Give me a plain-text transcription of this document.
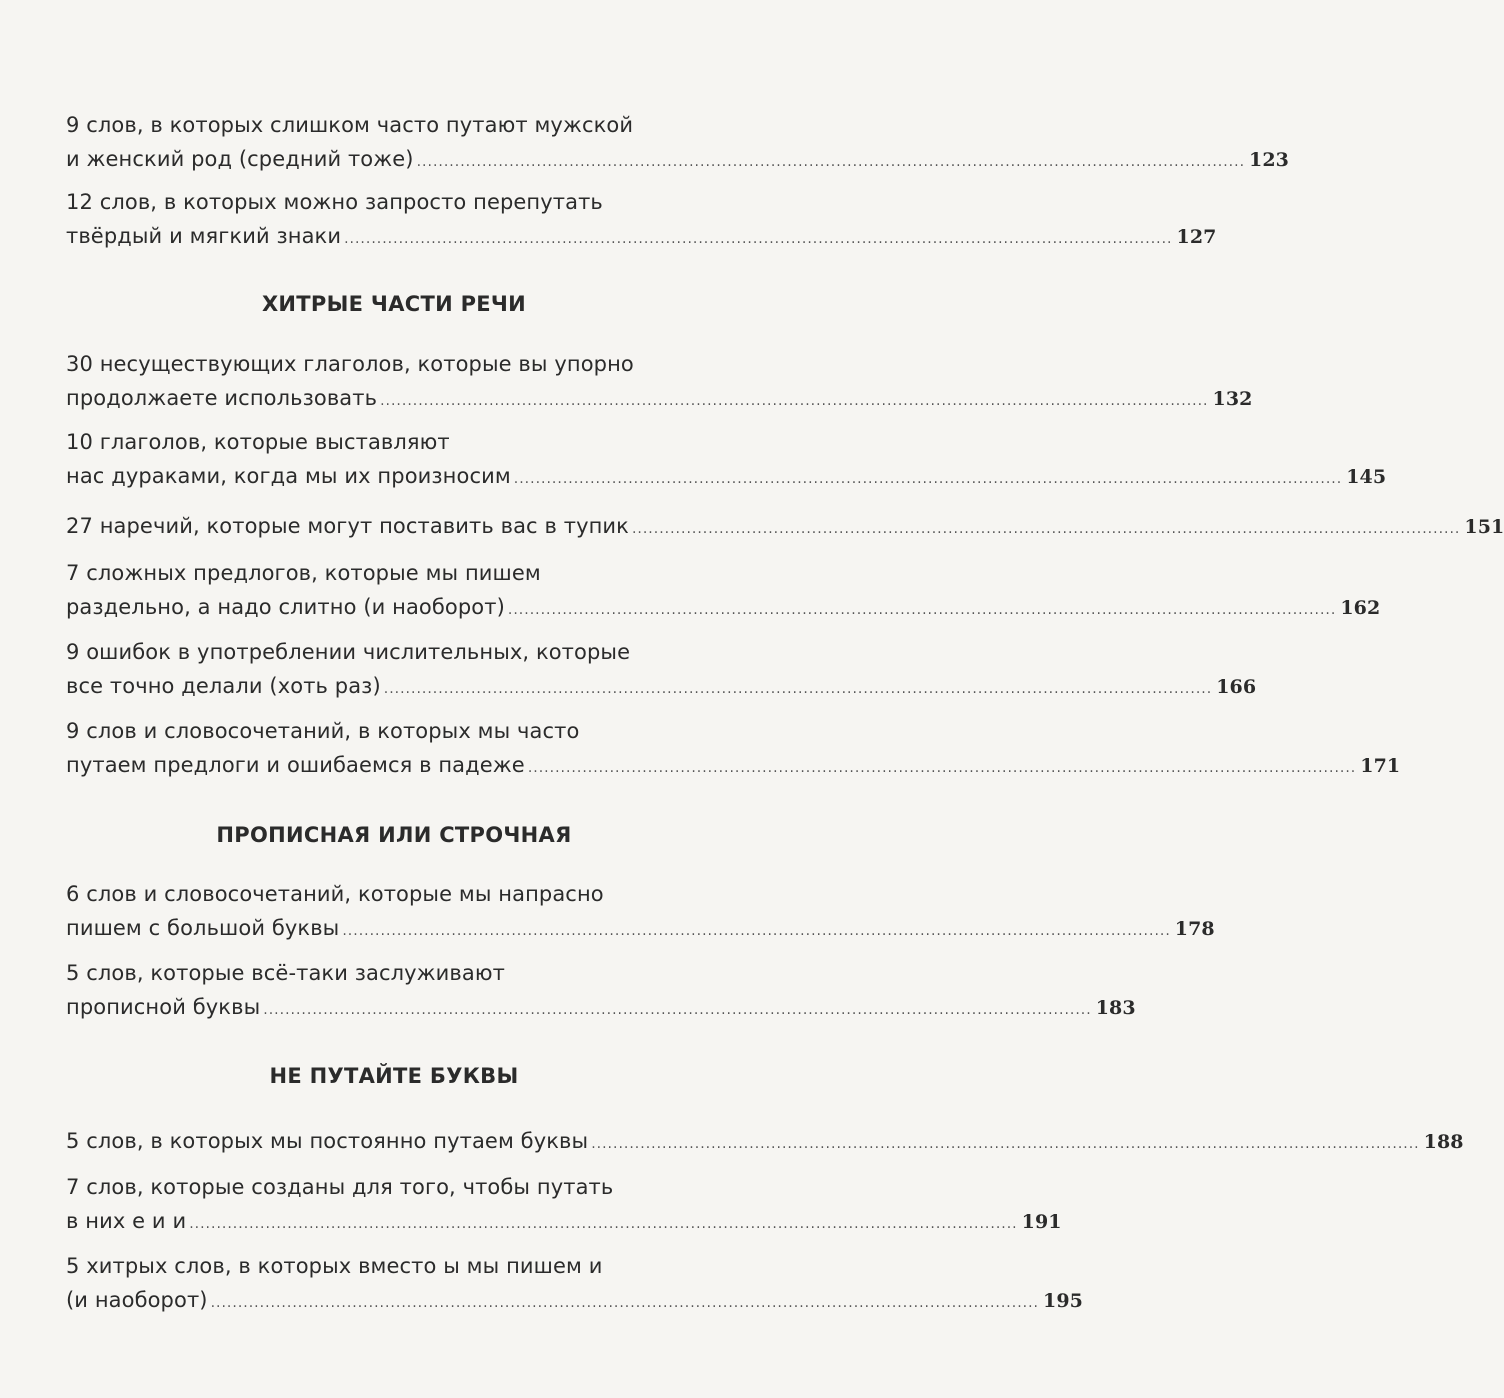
9 слов, в которых слишком часто путают мужской
и женский род (средний тоже) ........................................................................................................................................................ 123
12 слов, в которых можно запросто перепутать
твёрдый и мягкий знаки ........................................................................................................................................................ 127
ХИТРЫЕ ЧАСТИ РЕЧИ
30 несуществующих глаголов, которые вы упорно
продолжаете использовать ........................................................................................................................................................ 132
10 глаголов, которые выставляют
нас дураками, когда мы их произносим ........................................................................................................................................................ 145
27 наречий, которые могут поставить вас в тупик ........................................................................................................................................................ 151
7 сложных предлогов, которые мы пишем
раздельно, а надо слитно (и наоборот) ........................................................................................................................................................ 162
9 ошибок в употреблении числительных, которые
все точно делали (хоть раз) ........................................................................................................................................................ 166
9 слов и словосочетаний, в которых мы часто
путаем предлоги и ошибаемся в падеже ........................................................................................................................................................ 171
ПРОПИСНАЯ ИЛИ СТРОЧНАЯ
6 слов и словосочетаний, которые мы напрасно
пишем с большой буквы ........................................................................................................................................................ 178
5 слов, которые всё-таки заслуживают
прописной буквы ........................................................................................................................................................ 183
НЕ ПУТАЙТЕ БУКВЫ
5 слов, в которых мы постоянно путаем буквы ........................................................................................................................................................ 188
7 слов, которые созданы для того, чтобы путать
в них е и и ........................................................................................................................................................ 191
5 хитрых слов, в которых вместо ы мы пишем и
(и наоборот) ........................................................................................................................................................ 195
